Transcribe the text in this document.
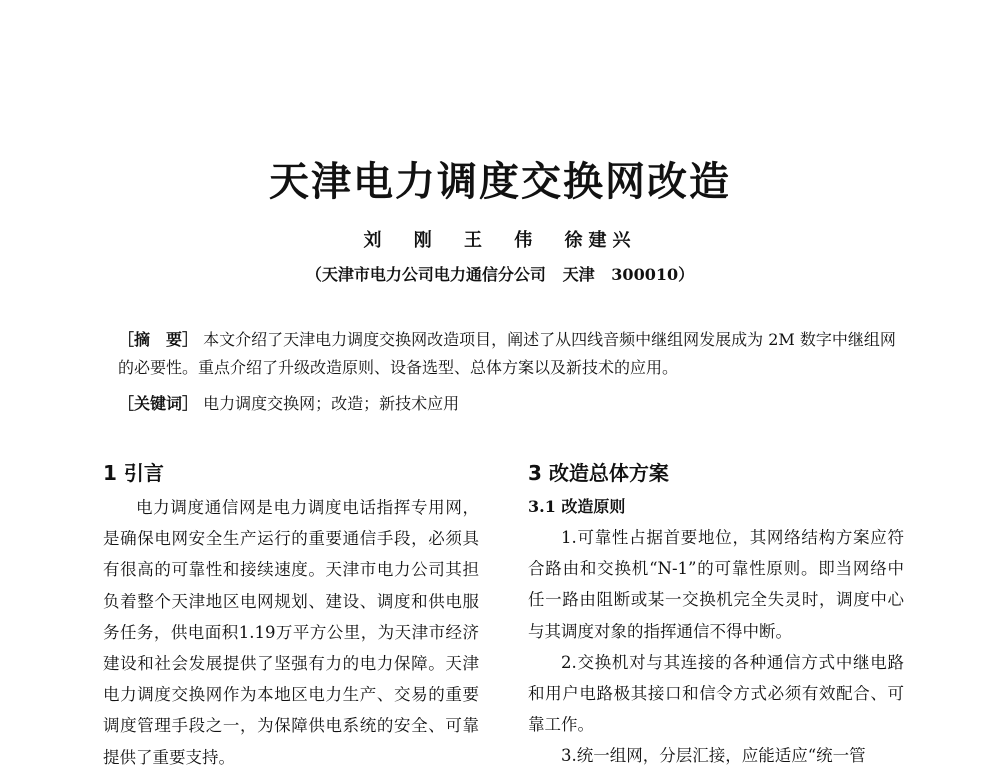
天津电力调度交换网改造
刘 刚 王 伟 徐建兴
（天津市电力公司电力通信分公司   天津   300010）

［摘　要］ 本文介绍了天津电力调度交换网改造项目，阐述了从四线音频中继组网发展成为 2M 数字中继组网的必要性。重点介绍了升级改造原则、设备选型、总体方案以及新技术的应用。

［关键词］ 电力调度交换网；改造；新技术应用

1 引言

电力调度通信网是电力调度电话指挥专用网，是确保电网安全生产运行的重要通信手段，必须具有很高的可靠性和接续速度。天津市电力公司其担负着整个天津地区电网规划、建设、调度和供电服务任务，供电面积1.19万平方公里，为天津市经济建设和社会发展提供了坚强有力的电力保障。天津电力调度交换网作为本地区电力生产、交易的重要调度管理手段之一，为保障供电系统的安全、可靠提供了重要支持。

3 改造总体方案
3.1 改造原则

1.可靠性占据首要地位，其网络结构方案应符合路由和交换机“N-1”的可靠性原则。即当网络中任一路由阻断或某一交换机完全失灵时，调度中心与其调度对象的指挥通信不得中断。

2.交换机对与其连接的各种通信方式中继电路和用户电路极其接口和信令方式必须有效配合、可靠工作。

3.统一组网，分层汇接，应能适应“统一管
